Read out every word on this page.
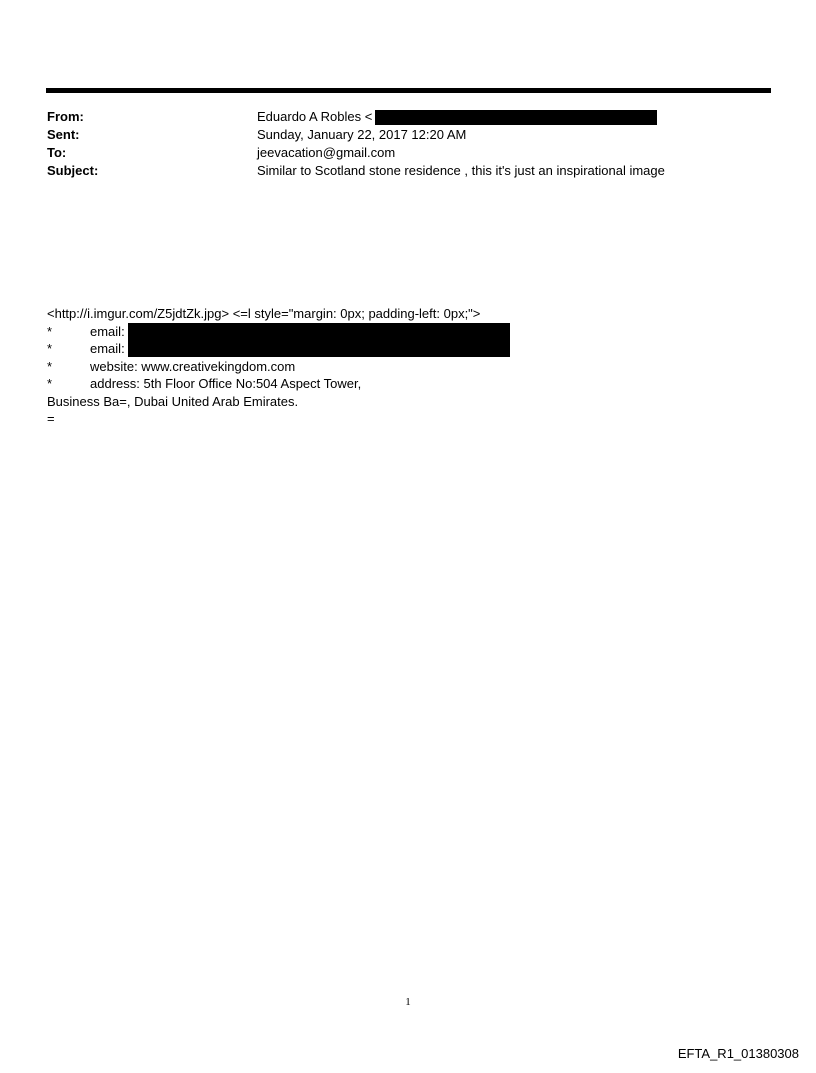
From:	Eduardo A Robles <
Sent:	Sunday, January 22, 2017 12:20 AM
To:	jeevacation@gmail.com
Subject:	Similar to Scotland stone residence , this it's just an inspirational image
<http://i.imgur.com/Z5jdtZk.jpg> <=l style="margin: 0px; padding-left: 0px;">
*	email:
*	email:
*	website: www.creativekingdom.com
*	address: 5th Floor Office No:504 Aspect Tower,
Business Ba=, Dubai United Arab Emirates.
=
1
EFTA_R1_01380308
